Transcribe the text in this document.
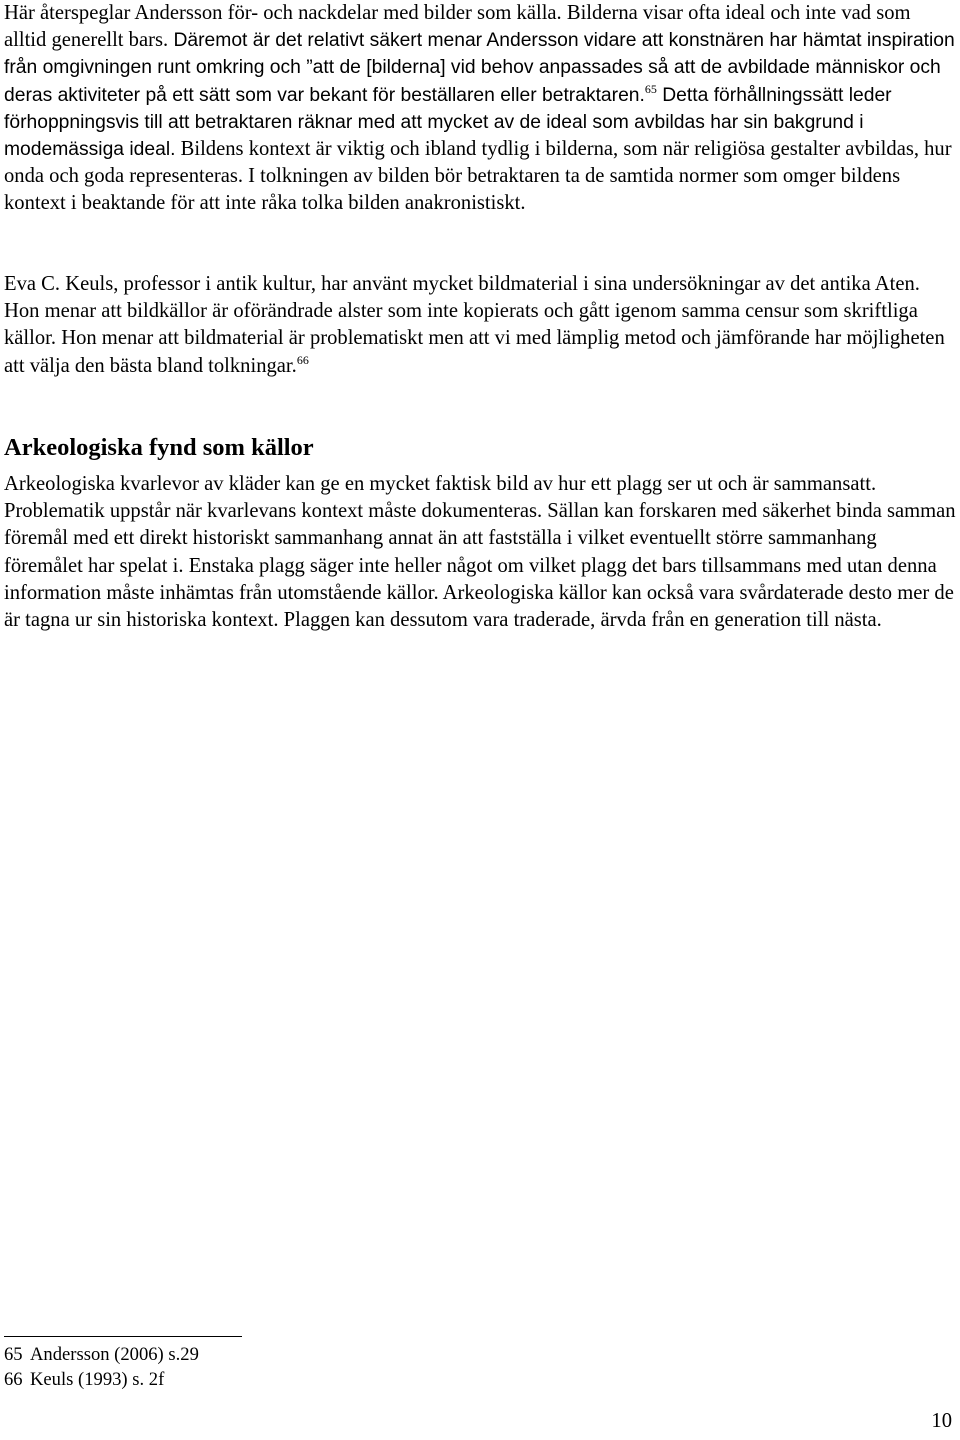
Här återspeglar Andersson för- och nackdelar med bilder som källa. Bilderna visar ofta ideal och inte vad som alltid generellt bars. Däremot är det relativt säkert menar Andersson vidare att konstnären har hämtat inspiration från omgivningen runt omkring och ”att de [bilderna] vid behov anpassades så att de avbildade människor och deras aktiviteter på ett sätt som var bekant för beställaren eller betraktaren.$^{65}$ Detta förhållningssätt leder förhoppningsvis till att betraktaren räknar med att mycket av de ideal som avbildas har sin bakgrund i modemässiga ideal. Bildens kontext är viktig och ibland tydlig i bilderna, som när religiösa gestalter avbildas, hur onda och goda representeras. I tolkningen av bilden bör betraktaren ta de samtida normer som omger bildens kontext i beaktande för att inte råka tolka bilden anakronistiskt.

Eva C. Keuls, professor i antik kultur, har använt mycket bildmaterial i sina undersökningar av det antika Aten. Hon menar att bildkällor är oförändrade alster som inte kopierats och gått igenom samma censur som skriftliga källor. Hon menar att bildmaterial är problematiskt men att vi med lämplig metod och jämförande har möjligheten att välja den bästa bland tolkningar.$^{66}$

Arkeologiska fynd som källor

Arkeologiska kvarlevor av kläder kan ge en mycket faktisk bild av hur ett plagg ser ut och är sammansatt. Problematik uppstår när kvarlevans kontext måste dokumenteras. Sällan kan forskaren med säkerhet binda samman föremål med ett direkt historiskt sammanhang annat än att fastställa i vilket eventuellt större sammanhang föremålet har spelat i. Enstaka plagg säger inte heller något om vilket plagg det bars tillsammans med utan denna information måste inhämtas från utomstående källor. Arkeologiska källor kan också vara svårdaterade desto mer de är tagna ur sin historiska kontext. Plaggen kan dessutom vara traderade, ärvda från en generation till nästa.

65 Andersson (2006) s.29
66 Keuls (1993) s. 2f
10
